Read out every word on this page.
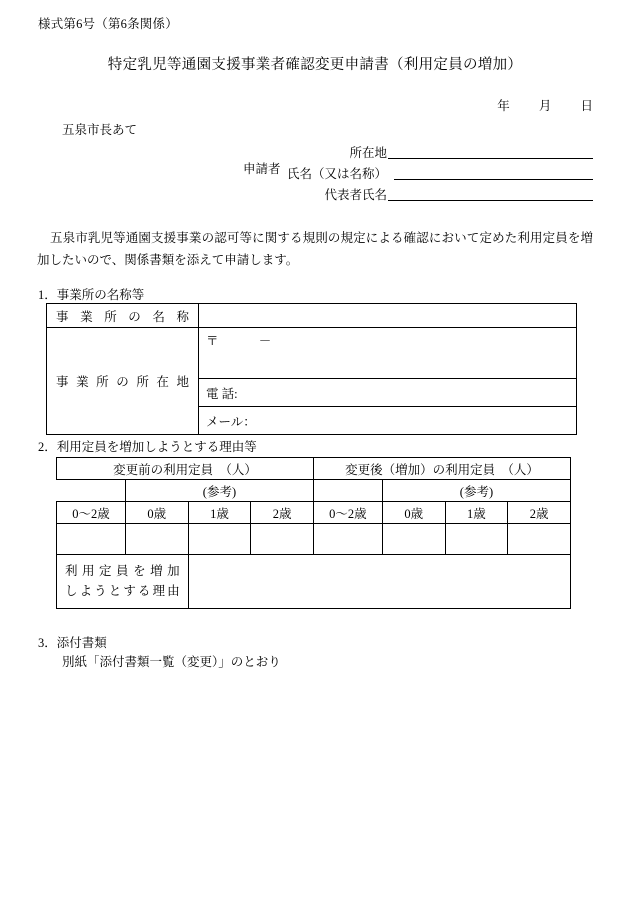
様式第6号（第6条関係）
特定乳児等通園支援事業者確認変更申請書（利用定員の増加）
年 月 日
五泉市長あて
申請者
所在地
氏名（又は名称）
代表者氏名
五泉市乳児等通園支援事業の認可等に関する規則の規定による確認において定めた利用定員を増加したいので、関係書類を添えて申請します。
1．事業所の名称等
事業所の名称	
事業所の所在地	〒 －
	電 話:
	メール：
2．利用定員を増加しようとする理由等
変更前の利用定員　（人）				変更後（増加）の利用定員　（人）			
	(参考)				(参考)		
0〜2歳	0歳	1歳	2歳	0〜2歳	0歳	1歳	2歳

利用定員を増加
しようとする理由							

3．添付書類
別紙「添付書類一覧（変更）」のとおり
